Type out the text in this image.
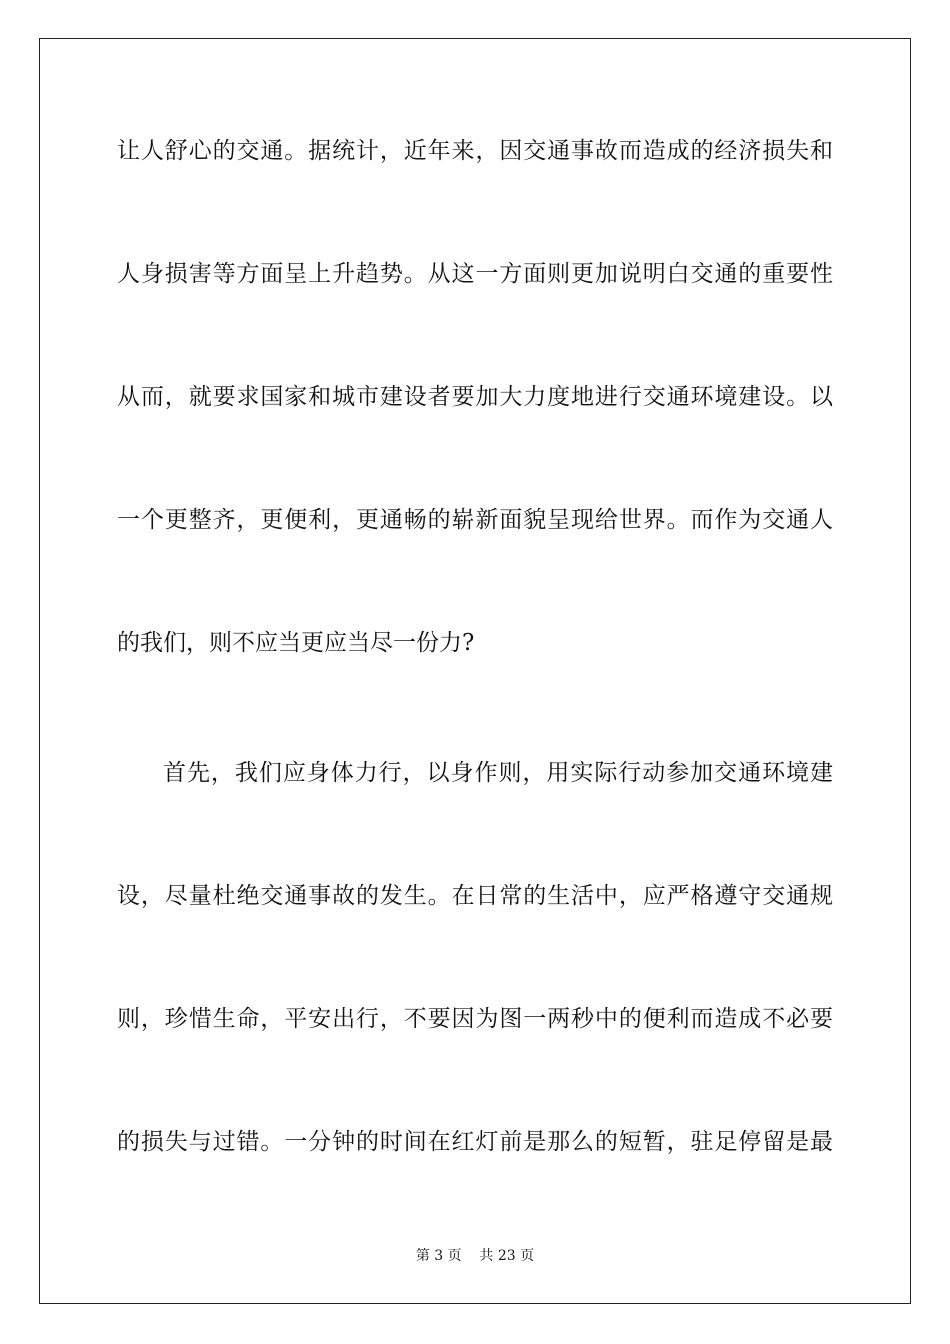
让人舒心的交通。据统计，近年来，因交通事故而造成的经济损失和
人身损害等方面呈上升趋势。从这一方面则更加说明白交通的重要性
从而，就要求国家和城市建设者要加大力度地进行交通环境建设。以
一个更整齐，更便利，更通畅的崭新面貌呈现给世界。而作为交通人
的我们，则不应当更应当尽一份力?
首先，我们应身体力行，以身作则，用实际行动参加交通环境建
设，尽量杜绝交通事故的发生。在日常的生活中，应严格遵守交通规
则，珍惜生命，平安出行，不要因为图一两秒中的便利而造成不必要
的损失与过错。一分钟的时间在红灯前是那么的短暂，驻足停留是最
第 3 页    共 23 页
